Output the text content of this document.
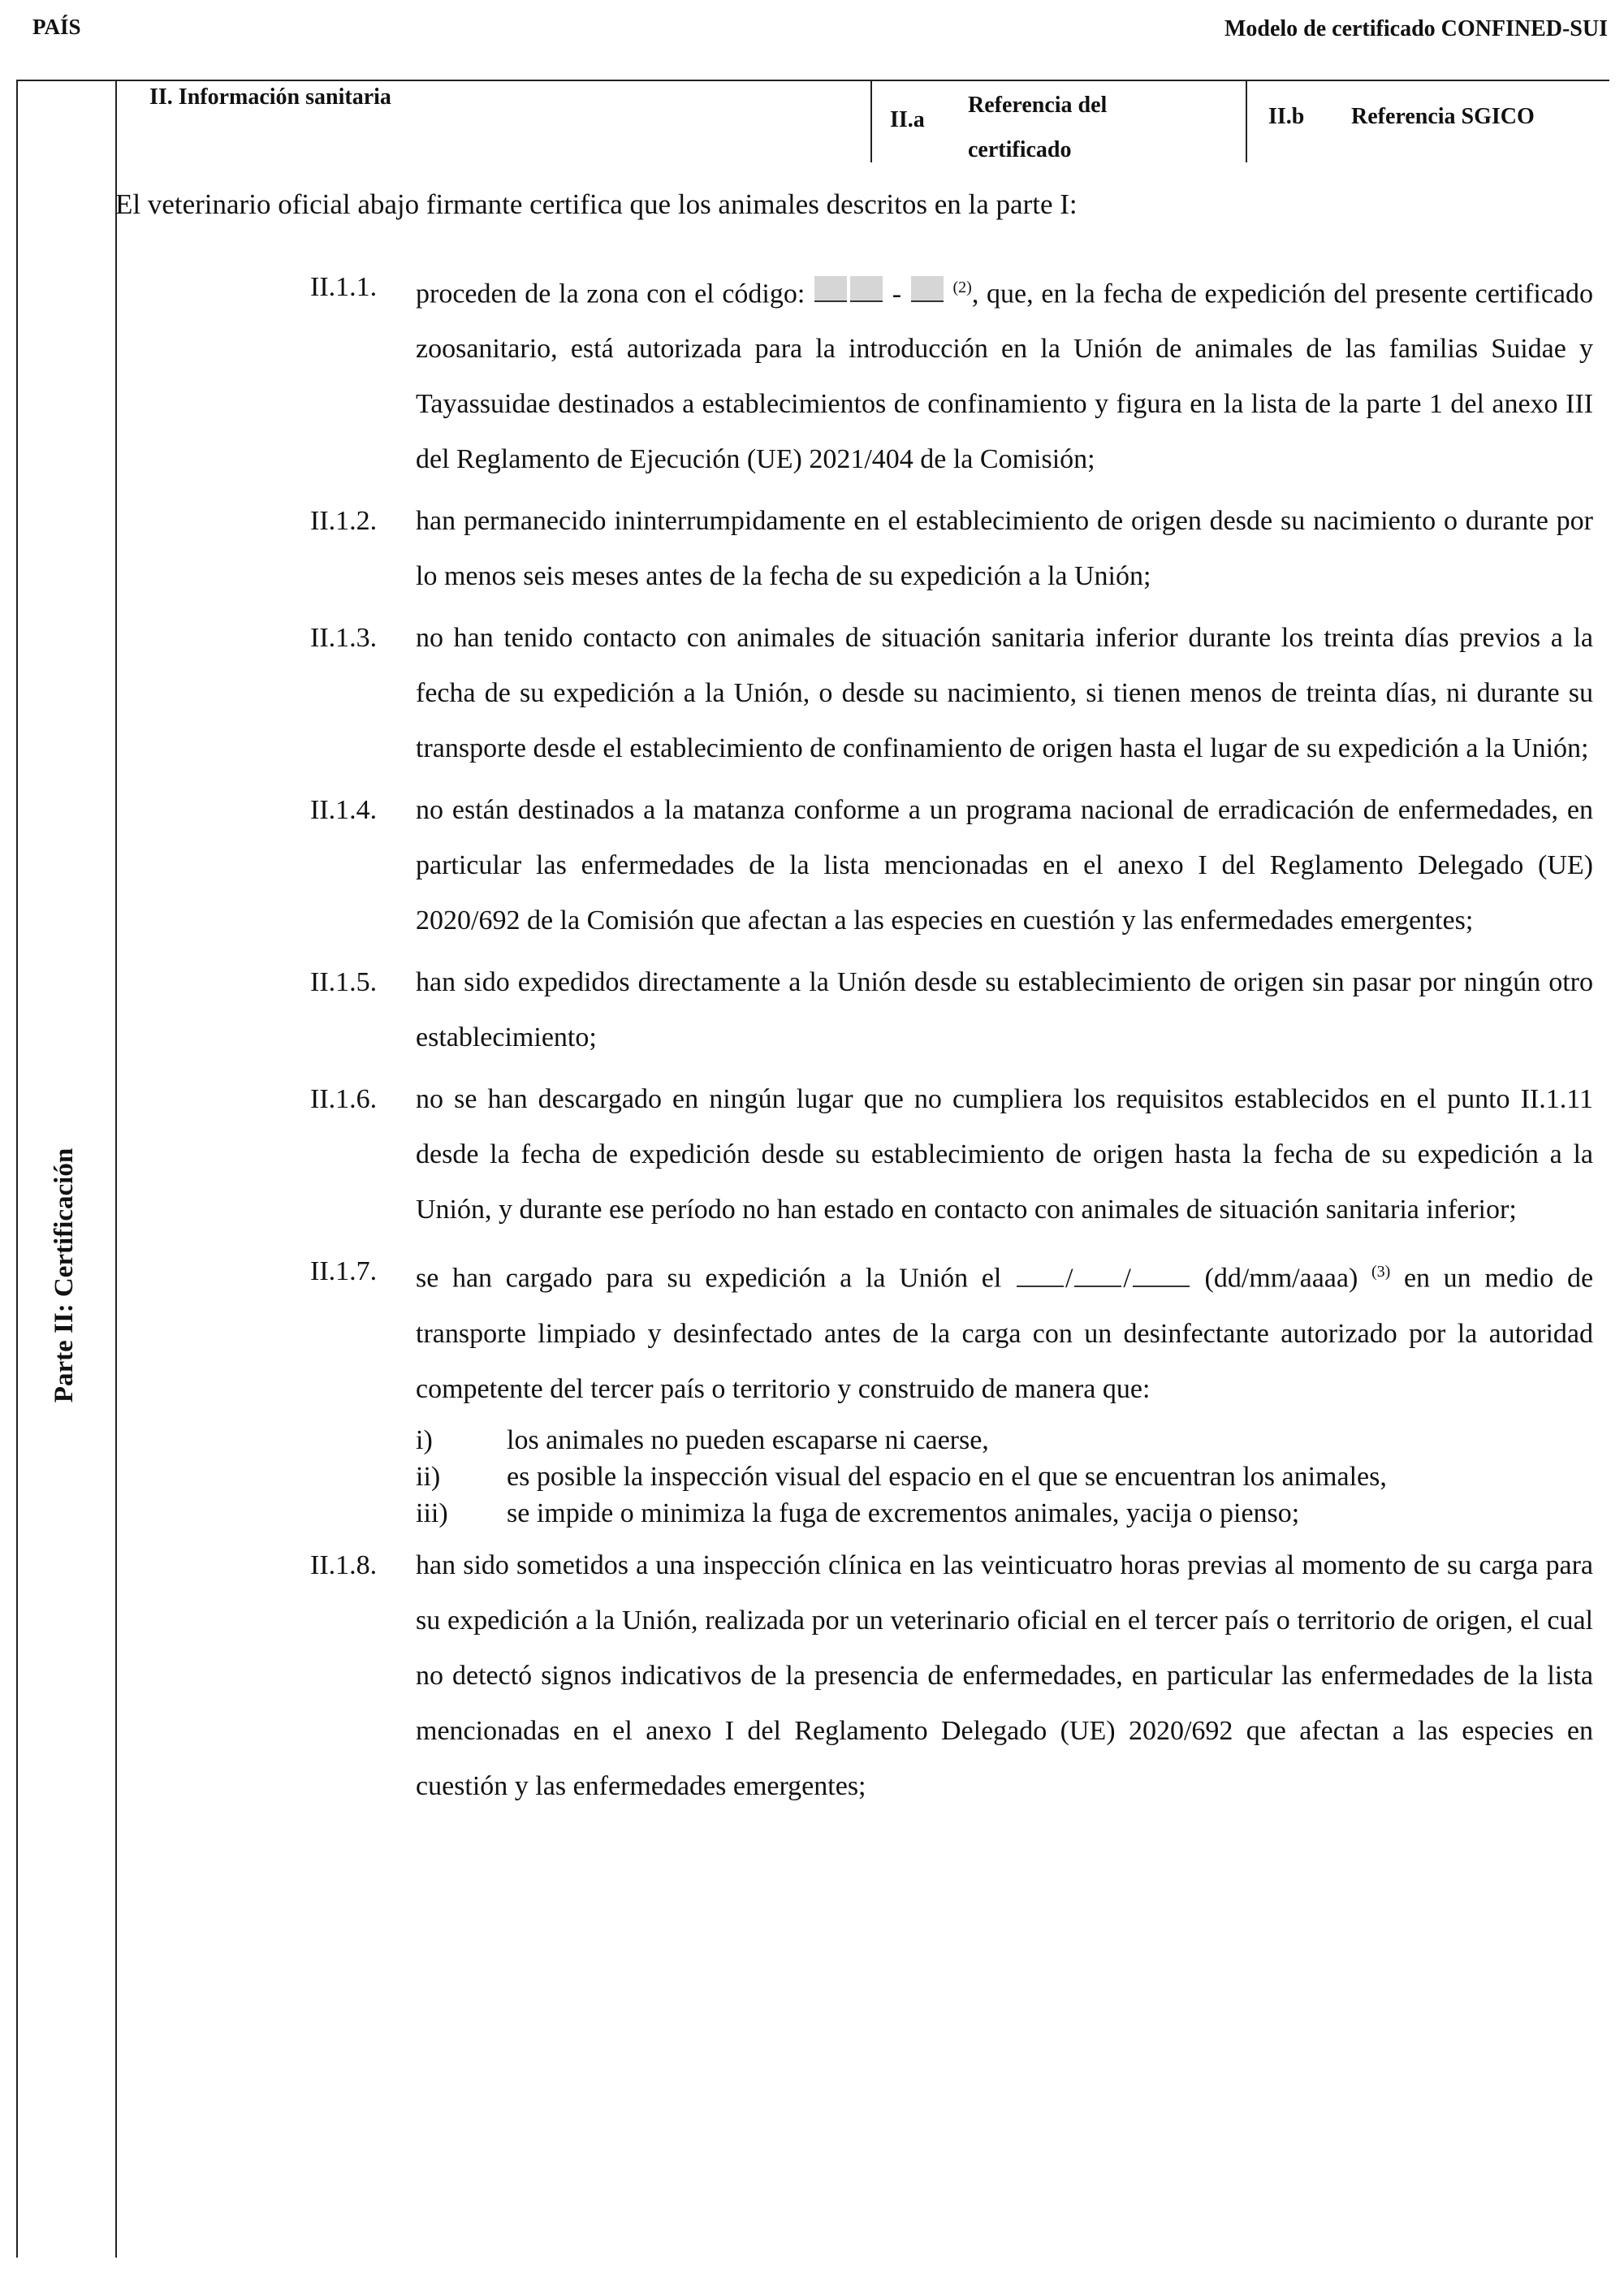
PAÍS	Modelo de certificado CONFINED-SUI
Parte II: Certificación
II. Información sanitaria
II.a
Referencia del certificado
II.b Referencia SGICO
El veterinario oficial abajo firmante certifica que los animales descritos en la parte I:
II.1.1. proceden de la zona con el código:	-	$^{(2)}$, que, en la fecha de expedición del presente certificado zoosanitario, está autorizada para la introducción en la Unión de animales de las familias Suidae y Tayassuidae destinados a establecimientos de confinamiento y figura en la lista de la parte 1 del anexo III del Reglamento de Ejecución (UE) 2021/404 de la Comisión;
II.1.2. han permanecido ininterrumpidamente en el establecimiento de origen desde su nacimiento o durante por lo menos seis meses antes de la fecha de su expedición a la Unión;
II.1.3. no han tenido contacto con animales de situación sanitaria inferior durante los treinta días previos a la fecha de su expedición a la Unión, o desde su nacimiento, si tienen menos de treinta días, ni durante su transporte desde el establecimiento de confinamiento de origen hasta el lugar de su expedición a la Unión;
II.1.4. no están destinados a la matanza conforme a un programa nacional de erradicación de enfermedades, en particular las enfermedades de la lista mencionadas en el anexo I del Reglamento Delegado (UE) 2020/692 de la Comisión que afectan a las especies en cuestión y las enfermedades emergentes;
II.1.5. han sido expedidos directamente a la Unión desde su establecimiento de origen sin pasar por ningún otro establecimiento;
II.1.6. no se han descargado en ningún lugar que no cumpliera los requisitos establecidos en el punto II.1.11 desde la fecha de expedición desde su establecimiento de origen hasta la fecha de su expedición a la Unión, y durante ese período no han estado en contacto con animales de situación sanitaria inferior;
II.1.7. se han cargado para su expedición a la Unión el / /	(dd/mm/aaaa) $^{(3)}$ en un medio de transporte limpiado y desinfectado antes de la carga con un desinfectante autorizado por la autoridad competente del tercer país o territorio y construido de manera que:
i)	los animales no pueden escaparse ni caerse,
ii) es posible la inspección visual del espacio en el que se encuentran los animales,
iii) se impide o minimiza la fuga de excrementos animales, yacija o pienso;
II.1.8. han sido sometidos a una inspección clínica en las veinticuatro horas previas al momento de su carga para su expedición a la Unión, realizada por un veterinario oficial en el tercer país o territorio de origen, el cual no detectó signos indicativos de la presencia de enfermedades, en particular las enfermedades de la lista mencionadas en el anexo I del Reglamento Delegado (UE) 2020/692 que afectan a las especies en cuestión y las enfermedades emergentes;
